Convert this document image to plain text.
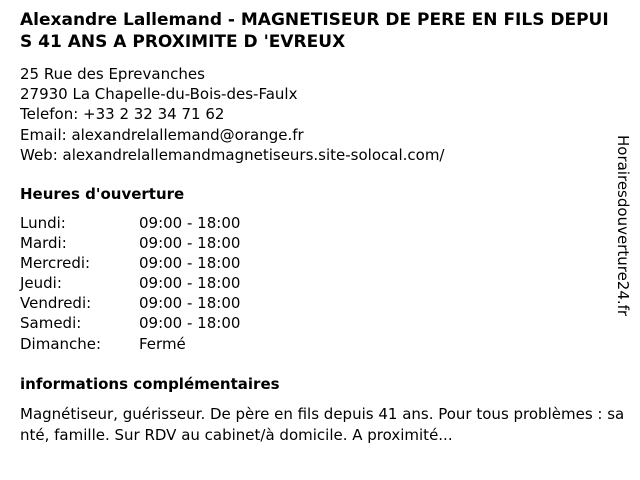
Alexandre Lallemand - MAGNETISEUR DE PERE EN FILS DEPUIS 41 ANS A PROXIMITE D 'EVREUX
25 Rue des Eprevanches
27930 La Chapelle-du-Bois-des-Faulx
Telefon: +33 2 32 34 71 62
Email: alexandrelallemand@orange.fr
Web: alexandrelallemandmagnetiseurs.site-solocal.com/
Heures d'ouverture
Lundi:	09:00 - 18:00
Mardi:	09:00 - 18:00
Mercredi:	09:00 - 18:00
Jeudi:	09:00 - 18:00
Vendredi:	09:00 - 18:00
Samedi:	09:00 - 18:00
Dimanche:	Fermé
informations complémentaires
Magnétiseur, guérisseur. De père en fils depuis 41 ans. Pour tous problèmes : santé, famille. Sur RDV au cabinet/à domicile. A proximité...
Horairesdouverture24.fr
